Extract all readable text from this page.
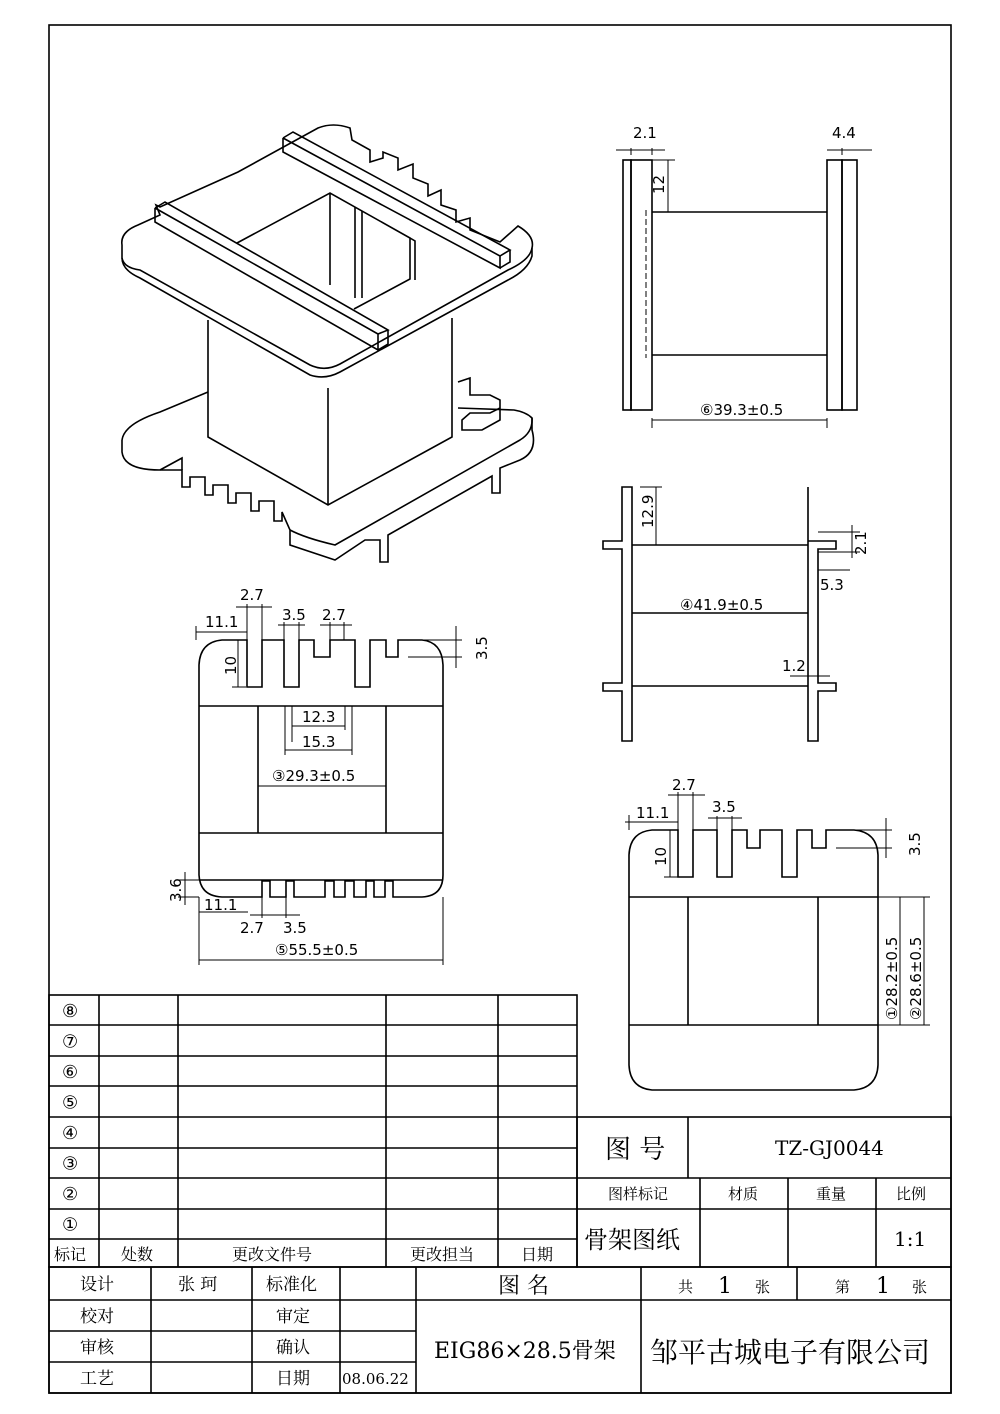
2.1	4.4
12
⑥39.3±0.5
12.9
2.1
5.3
1.2
④41.9±0.5
2.7
11.1	3.5 2.7
10
3.5
12.3
15.3
③29.3±0.5
3.6
11.1
2.7 3.5
⑤55.5±0.5
2.7
11.1	3.5
10
3.5
①28.2±0.5 ②28.6±0.5
⑧
⑦
⑥
⑤
④
③
②
①
标记 处数	更改文件号	更改担当	日期
图 号	TZ-GJ0044
图样标记	材质	重量	比例
骨架图纸	1:1
设计	张 珂	标准化	图 名	共 1 张	第 1 张
校对	审定
审核	确认
工艺	日期 08.06.22
EIG86×28.5骨架 邹平古城电子有限公司
